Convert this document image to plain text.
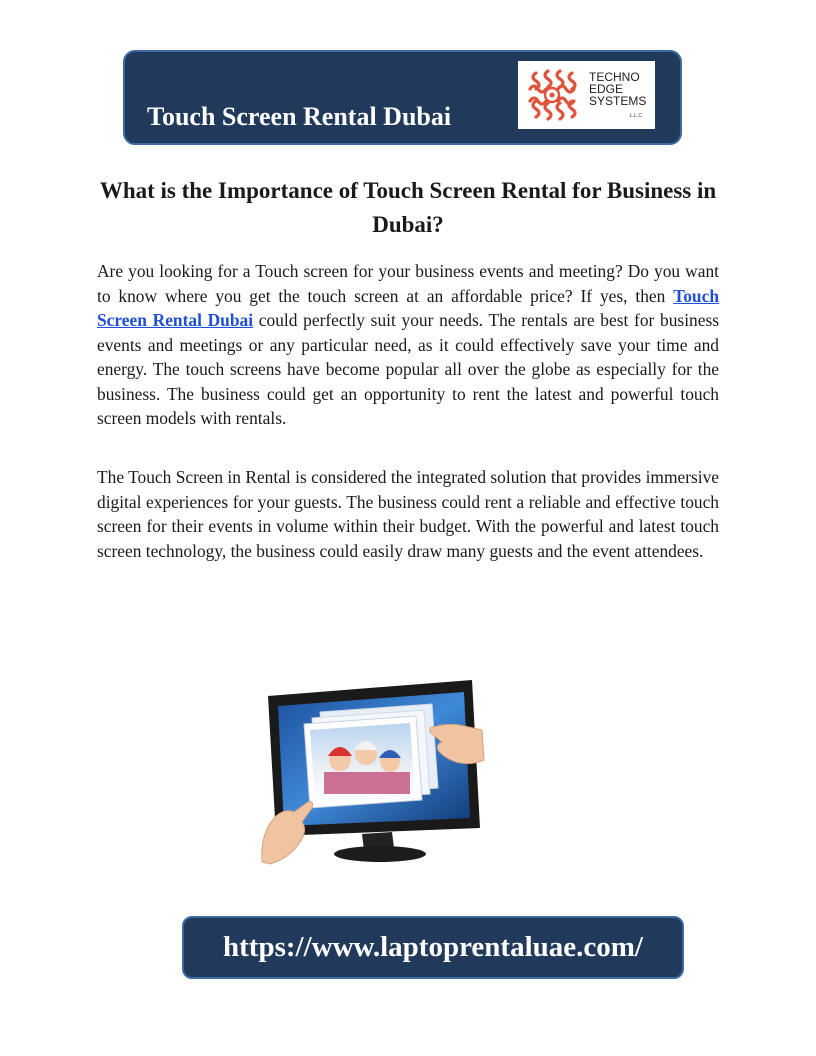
Touch Screen Rental Dubai
TECHNO
EDGE
SYSTEMS
L.L.C
What is the Importance of Touch Screen Rental for Business in Dubai?

Are you looking for a Touch screen for your business events and meeting? Do you want to know where you get the touch screen at an affordable price? If yes, then Touch Screen Rental Dubai could perfectly suit your needs. The rentals are best for business events and meetings or any particular need, as it could effectively save your time and energy. The touch screens have become popular all over the globe as especially for the business. The business could get an opportunity to rent the latest and powerful touch screen models with rentals.

The Touch Screen in Rental is considered the integrated solution that provides immersive digital experiences for your guests. The business could rent a reliable and effective touch screen for their events in volume within their budget. With the powerful and latest touch screen technology, the business could easily draw many guests and the event attendees.

https://www.laptoprentaluae.com/
